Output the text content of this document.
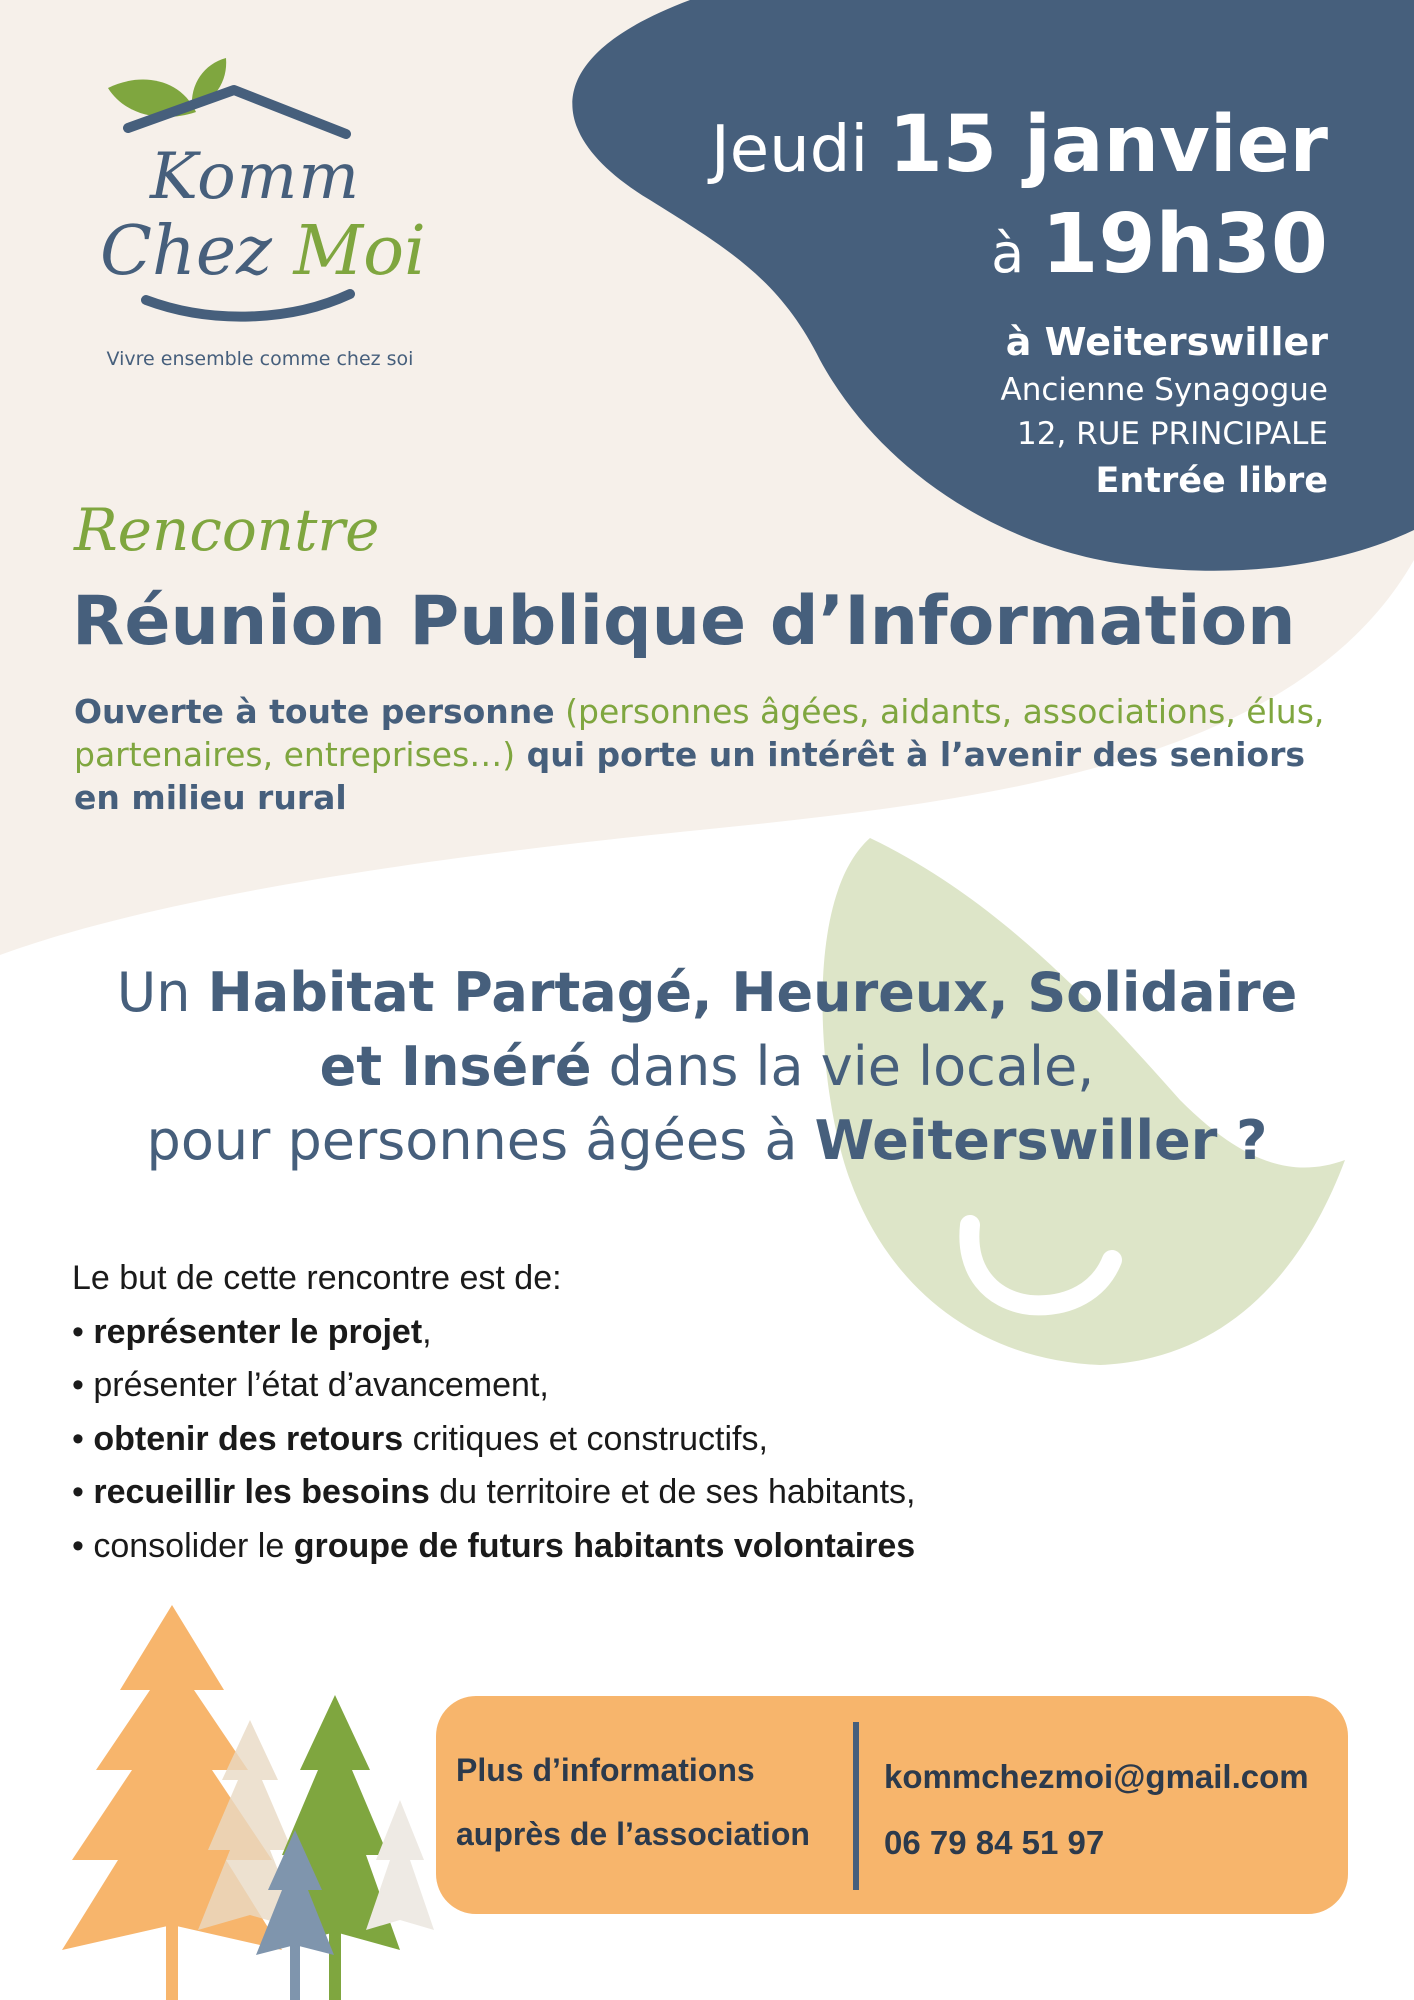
Komm
Chez Moi
Vivre ensemble comme chez soi
Jeudi 15 janvier
à 19h30
à Weiterswiller
Ancienne Synagogue
12, RUE PRINCIPALE
Entrée libre
Rencontre
Réunion Publique d’Information
Ouverte à toute personne (personnes âgées, aidants, associations, élus, partenaires, entreprises…) qui porte un intérêt à l’avenir des seniors en milieu rural
Un Habitat Partagé, Heureux, Solidaire
et Inséré dans la vie locale,
pour personnes âgées à Weiterswiller ?
Le but de cette rencontre est de:
• représenter le projet,
• présenter l’état d’avancement,
• obtenir des retours critiques et constructifs,
• recueillir les besoins du territoire et de ses habitants,
• consolider le groupe de futurs habitants volontaires
Plus d’informations
auprès de l’association
kommchezmoi@gmail.com
06 79 84 51 97
